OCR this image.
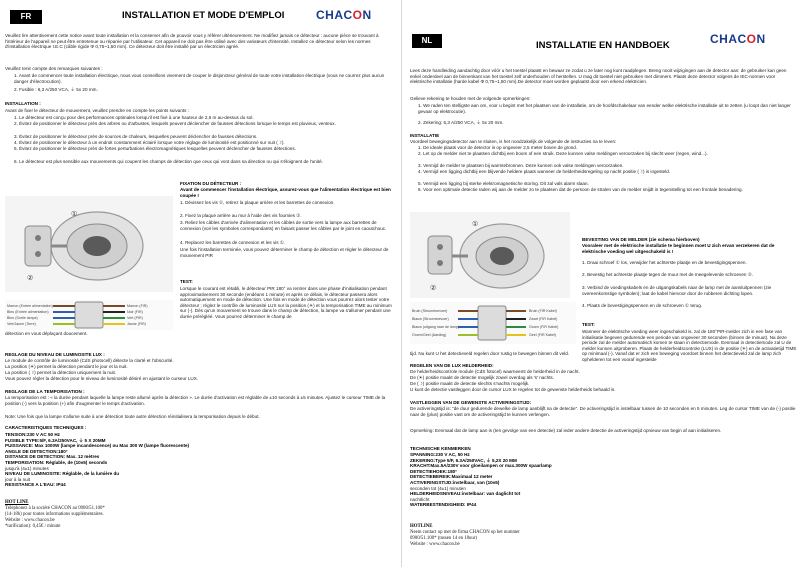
FR	INSTALLATION ET MODE D'EMPLOI	CHACON
Veuillez lire attentivement cette notice avant toute installation et la conserver afin de pouvoir vous y référer ultérieurement. Ne modifiez jamais ce détecteur : aucune pièce se trouvant à l'intérieur de l'appareil ne peut être entretenue ou réparée par l'utilisateur. Cet appareil ne doit pas être utilisé avec des variateurs d'intensité. Installez ce détecteur selon les normes d'installation électrique I.E.C (câble rigide Φ 0,75~1,50 mm). Ce détecteur doit être installé par un électricien agréé.
Veuillez tenir compte des remarques suivantes :
1. Avant de commencer toute installation électrique, nous vous conseillons vivement de couper le disjoncteur général de toute votre installation électrique (vous ne courrez plus aucun danger d'électrocution).
2. Fusible : 6,3 A/250 VCA, ⏚ 5x 20 mm.
INSTALLATION :
Avant de fixer le détecteur de mouvement, veuillez prendre en compte les points suivants :
1. Le détecteur est conçu pour des performances optimales lorsqu'il est fixé à une hauteur de 2,5 m au-dessus du sol.
2. Évitez de positionner le détecteur près des arbres ou d'arbustes, lesquels peuvent déclencher de fausses détections lorsque le temps est pluvieux, venteux.
3. Évitez de positionner le détecteur près de sources de chaleurs, lesquelles peuvent déclencher de fausses détections.
4. Évitez de positionner le détecteur à un endroit constamment éclairé lorsque votre réglage de luminosité est positionné sur nuit (☽).
5. Évitez de positionner le détecteur près de fortes perturbations électromagnétiques lesquelles peuvent déclencher de fausses détections.
6. Le détecteur est plus sensible aux mouvements qui coupent les champs de détection que ceux qui vont dans sa direction ou qui s'éloignent de l'unité.
①
②
Marron (Entrée alimentation)
Bleu (Entrée alimentation)
Bleu (Sortie lampe)
Vert/Jaune (Terre)
Marron (FIR)
Noir (FIR)
Vert (PIR)
Jaune (FIR)
FIXATION DU DÉTECTEUR :
Avant de commencer l'installation électrique, assurez-vous que l'alimentation électrique est bien coupée !
1. Dévissez les vis ①, retirez la plaque arrière et les barrettes de connexion.
2. Fixez la plaque arrière au mur à l'aide des vis fournies ②.
3. Reliez les câbles d'arrivée d'alimentation et les câbles de sortie vers la lampe aux barrettes de connexion (voir les symboles correspondants) en faisant passer les câbles par le joint en caoutchouc.
4. Replacez les barrettes de connexion et les vis ①.
Une fois l'installation terminée, vous pouvez déterminer le champ de détection et régler le détecteur de mouvement PIR
TEST:
Lorsque le courant est rétabli, le détecteur PIR 180° va rentrer dans une phase d'initialisation pendant approximativement 30 seconde (endéans 1 minute) et après ce délais, le détecteur passera alors automatiquement en mode de détection. Une fois en mode de détection vous pourrez alors tester votre détecteur ; réglez le contrôle de luminosité LUX sur la position (☀) et la temporisation TIME au minimum sur (-). Dès qu'un mouvement se trouve dans le champ de détection, la lampe va s'allumer pendant une durée prérégléé. Vous pourrez déterminer le champ de
détection en vous déplaçant doucement.
REGLAGE DU NIVEAU DE LUMINOSITE LUX :
Le module de contrôle de luminosité (CdS photocell) détecte la clarté et l'obscurité.
La position (☀) permet la détection pendant le jour et la nuit.
La position (☽) permet la détection uniquement la nuit.
Vous pouvez régler la détection pour le niveau de luminosité désiré en ajustant le curseur LUX.
REGLAGE DE LA TEMPORISATION :
La temporisation est : « la durée pendant laquelle la lampe reste allumé après la détection ». Le durée d'activation est réglable de ±10 seconds à ±5 minutes. Ajustez le curseur TIME de la position (-) vers la position (+) afin d'augmenter le temps d'activation.
Note: Une fois que la lampe s'allume suite à une détection toute autre détection réinitialisera la temporisation depuis le début.
CARACTERISTIQUES TECHNIQUES :
TENSION:230 V AC 50 Hz
FUSIBLE TYPE:5/F, 6.3A/250VAC, ⏚ 5 X 20MM
PUISSANCE: Max 1000W (lampe incandescence) ou Max 300 W (lampe fluorescente)
ANGLE DE DETECTION:180°
DISTANCE DE DETECTION: Max. 12 mètres
TEMPORISATION: Réglable, de (10±5) seconds
jusqu'à (4±1) minutes
NIVEAU DE LUMINOSITE: Réglable, de la lumière du
jour à la nuit
RESISTANCE A L'EAU: IP44
HOT LINE
Téléphonez à la société CHACON au 0900/51.100*
(14-18h) pour toutes informations supplémentaires.
Website : www.chacon.be
*tarification): 0,45€ / minute
NL	INSTALLATIE EN HANDBOEK	CHACON
Lees deze handleiding aandachtig door vóór u het toestel plaatst en bewaar ze zodat u ze later nog kunt raadplegen. Breng nooit wijzigingen aan de detector aan: de gebruiker kan geen enkel onderdeel aan de binnenkant van het toestel zelf onderhouden of herstellen. U mag dit toestel niet gebruiken met dimmers. Plaats deze detector volgens de IEC-normen voor elektrische installatie (harde kabel Φ 0,75~1,50 mm).De detector moet worden geplaatst door een erkend elektricien.
Gelieve rekening te houden met de volgende opmerkingen:
1. We raden ten stelligste aan om, voor u begint met het plaatsen van de installatie, om de hoofdschakelaar van eender welke elektrische installatie uit te zetten (u loopt dan niet langer gevaar op elektrocutie).
2. Zekering: 6,3 A/250 VCA, ⏚ 5x 20 mm.
INSTALLATIE
Voordeel bewegingsdetector aan te sluiten, is het noodzakelijk de volgende de instructies na te leven:
1. De ideale plaats voor de detector is op ongeveer 2,5 meter boven de grond.
2. Let op de melder niet te plaatsen dichtbij een boom of een struik. Deze kunnen valse meldingen veroorzaken bij slecht weer (regen, wind...).
3. Vermijd de melder te plaatsen bij warmtebronnen. Deze kunnen ook valse meldingen veroorzaken.
4. Vermijd een ligging dichtbij een blijvende heldere plaats wanneer de helderheidsregeling op nacht positie (☽) is ingesteld.
5. Vermijd een ligging bij sterke elektromagnetische storing. Dit zal vals alarm slaan.
6. Voor een optimale detectie raden wij aan de melder zo te plaatsen dat de persoon de stralen van de melder snijdt in tegenstelling tot een frontale benadering.
①
②
BEVESTING VAN DE MELDER (zie schema hierboven)
Vooraleer met de elektrische installatie te beginnen moet U zich ervan verzekeren dat de elektrische voeding wel uitgeschakeld is !
1. Draai schroef ① los, verwijder het achterste plaatje en de bevestigingspennen.
2. Bevestig het achterste plaatje tegen de muur met de meegeleverde schroeven ②.
3. Verbind de voedingskabels en de uitgangskabels naar de lamp met de aansluitpennen (zie overeenkomstige symbolen); laat de kabel hiervoor door de rubberen dichting lopen.
4. Plaats de bevestigingspennen en de schroeven ① terug.
Bruin (Stroomtoevoer)
Blauw (Stroomtoevoer)
Blauw (uitgang naar de lamp)
Groen/Geel (Aarding)
Bruin (FIR Kabel)
Zwart (FIR Kabel)
Groen (FIR Kabel)
Geel (FIR Kabel)
TEST:
Wanneer de elektrische voeding weer ingeschakeld is, zal de 180°PIR-melder zich in een fase van initialisatie begeven gedurende een periode van ongeveer 30 seconden (binnen de minuut). Na deze periode zal de melder automatisch komen te staan in detectiemode. Eenmaal in detectiemode zal U de melder kunnen uitproberen. Plaats de helderheidscontrole (LUX) in de positie (☀) en de activatietijd TIME op minimaal (-). Vanaf dat er zich een beweging voordoet binnen het detectieveld zal de lamp zich ophelderen tot een vooraf ingestelde
tijd. Nu kunt U het detectieveld regelen door rustig te bewegen binnen dit veld.
REGELEN VAN DE LUX HELDERHEID:
De helderheidscontrole module (CdS fotocel) waarneemt de helderheid in de nacht.
De (☀) positie maakt de detectie mogelijk zowel overdag als 's' nachts.
De (☽) positie maakt de detectie slechts s'nachts mogelijk.
U kunt de detectie vastleggen door de cursor LUX te regelen tot de gewenste helderheids behaald is.
VASTLEGGEN VAN DE GEWENSTE ACTIVERINGSTIJD:
De activeringstijd is: "de duur gedurende dewelke de lamp aanblijft na de detectie". De activeringstijd is instelbaar tussen de 10 seconden en 5 minuten. Leg de cursor TIME van de (-) positie naar de (plus) positie vast om de activeringstijd te kunnen verlengen.
Opmerking: Eenmaal dat de lamp aan is (ten gevolge van een detectie) zal ieder andere detectie de activeringstijd opnieuw van begin af aan initialiseren.
TECHNISCHE KENMERKEN
SPANNING:230 V AC, 50 Hz
ZEKERING:Type 5/F, 6.3A/250VAC, ⏚ 5,2X 20 MM
KRACHT:Max.5A/230V voor gloeilampen or max.300W spaarlamp
DETECTIEHOEK:180°
DETECTIEBEREIK:Maximaal 12 meter
ACTIVERINGSTIJD:instelbaar, van (10±5)
seconden tot (4±1) minuten
HELDERHEIDSNIVEAU:instelbaar: van daglicht tot
nachtlicht
WATERBESTENDIGHEID: IP44
HOTLINE
Neem contact op met de firma CHACON op het nummer
0900/51.100* (tussen 14 en 18uur)
Website : www.chacon.be
